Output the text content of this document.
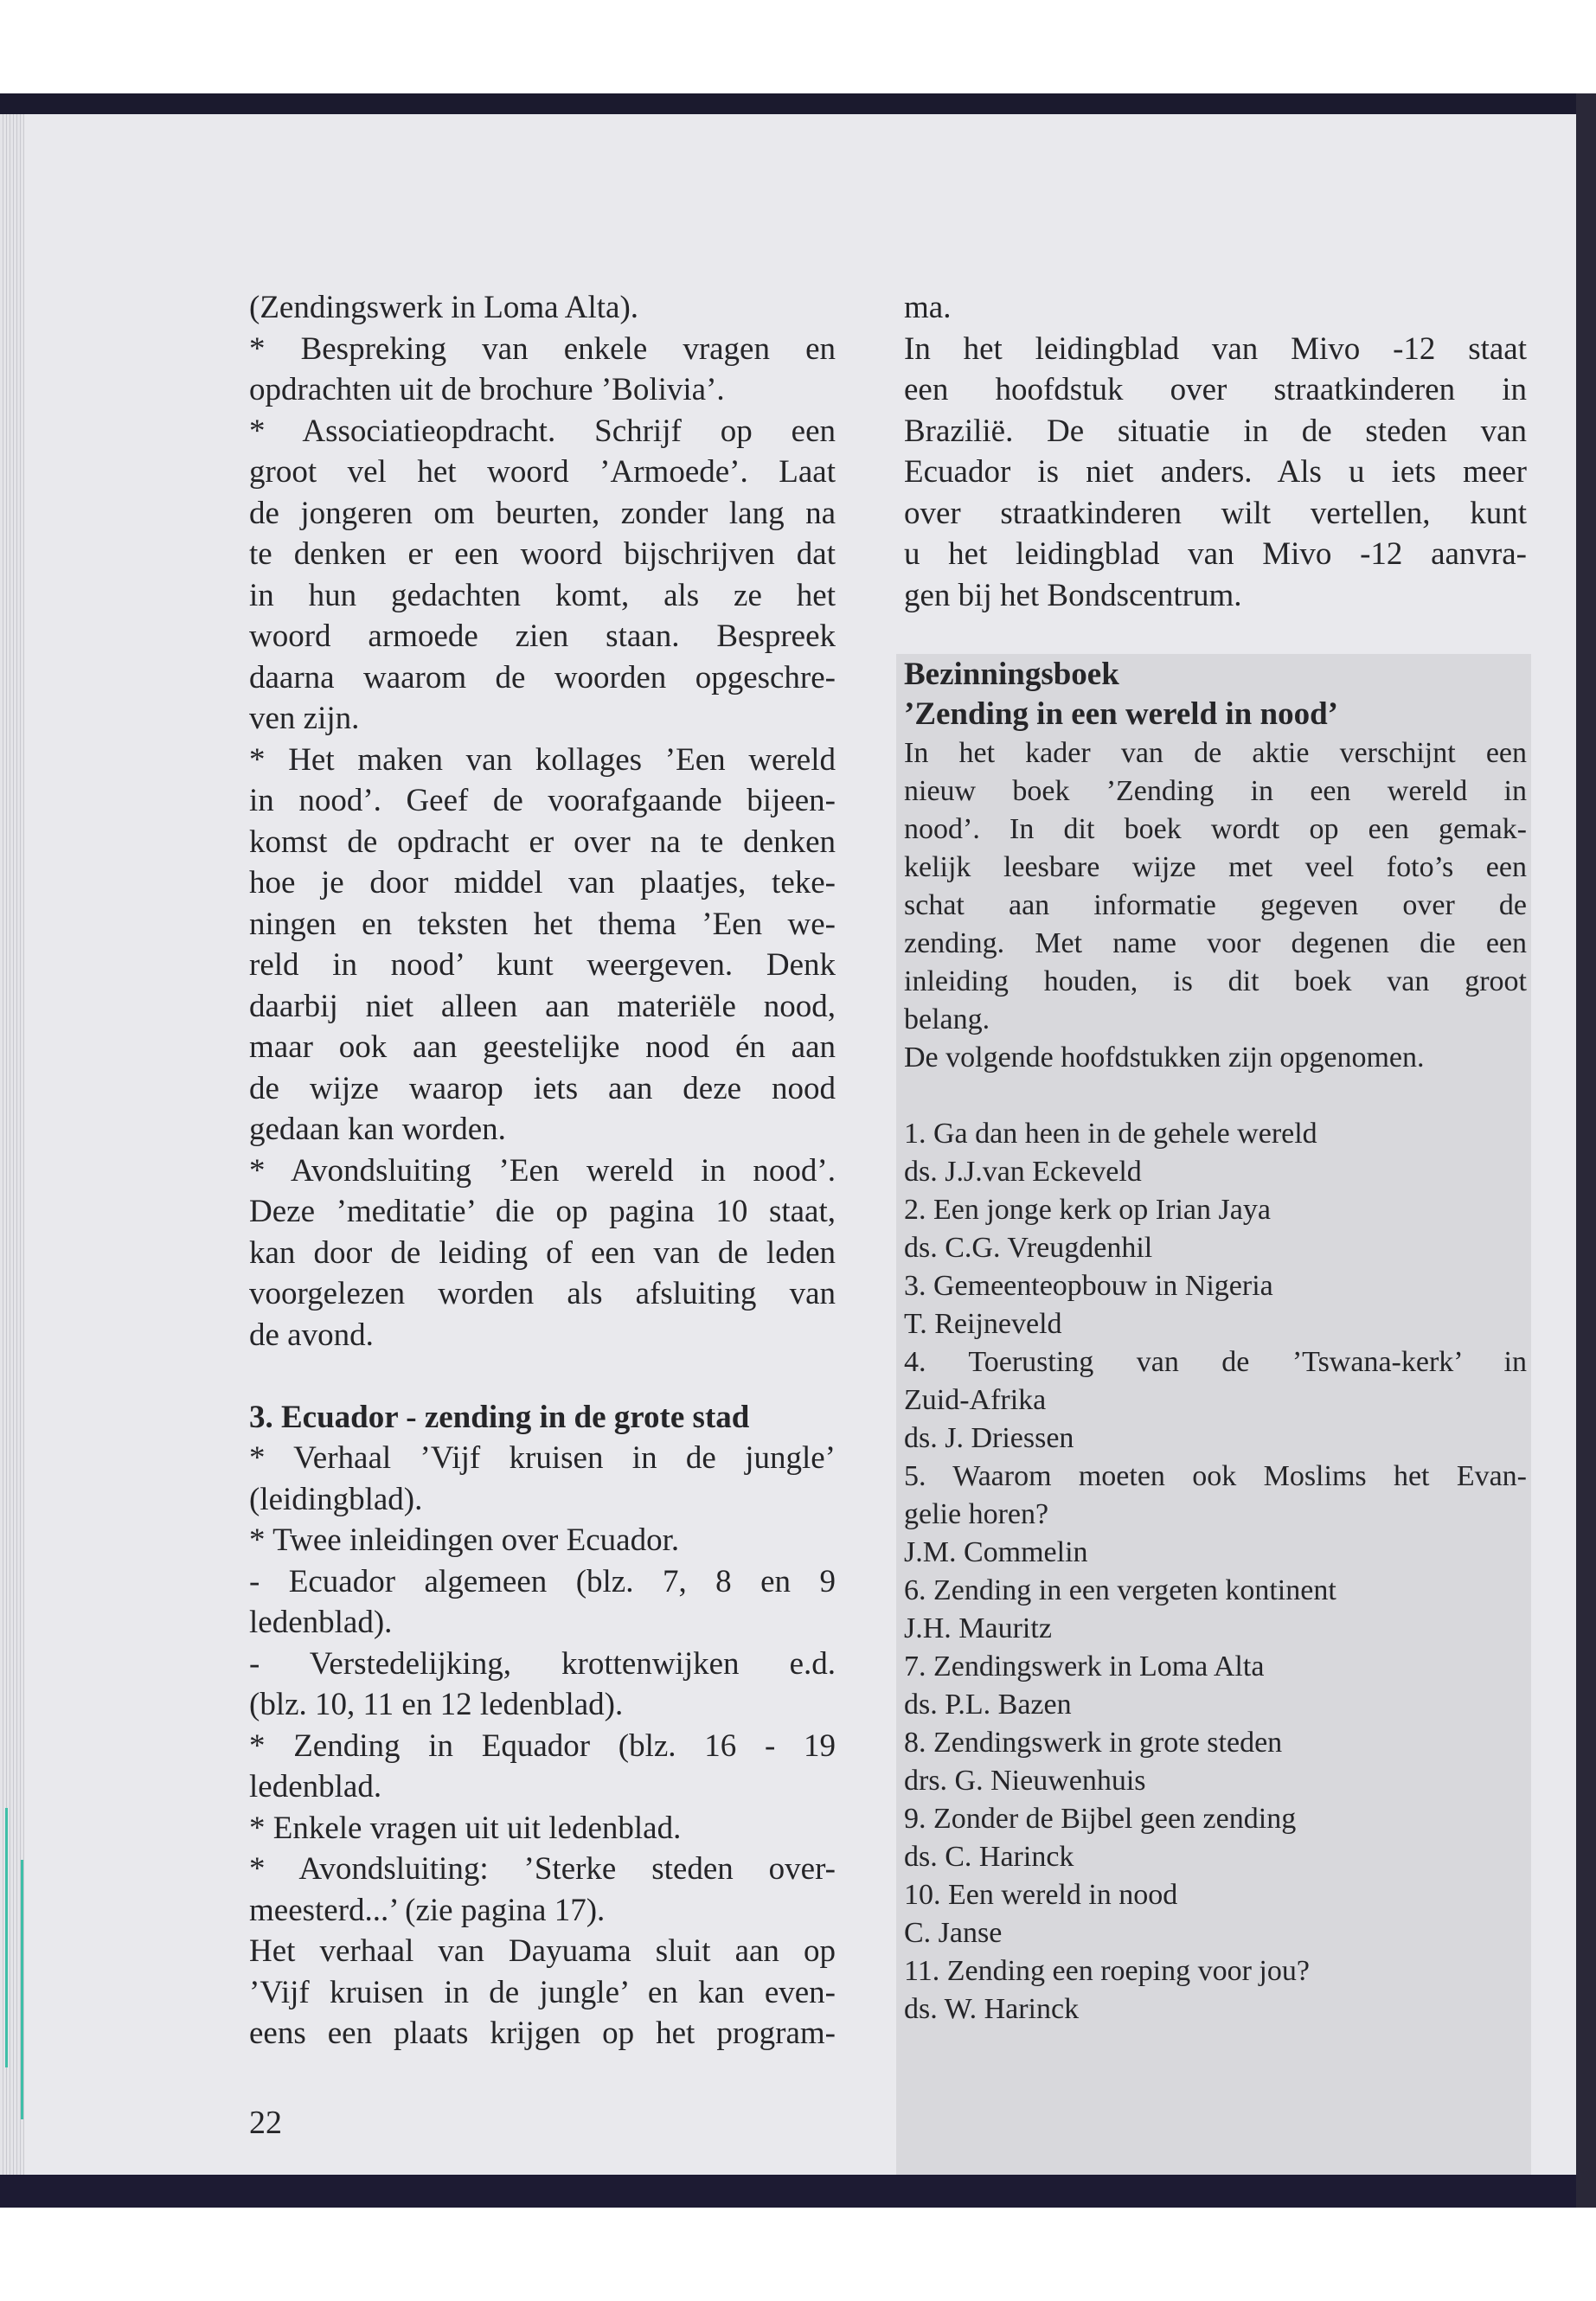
(Zendingswerk in Loma Alta).
* Bespreking van enkele vragen en
opdrachten uit de brochure ’Bolivia’.
* Associatieopdracht. Schrijf op een
groot vel het woord ’Armoede’. Laat
de jongeren om beurten, zonder lang na
te denken er een woord bijschrijven dat
in hun gedachten komt, als ze het
woord armoede zien staan. Bespreek
daarna waarom de woorden opgeschre-
ven zijn.
* Het maken van kollages ’Een wereld
in nood’. Geef de voorafgaande bijeen-
komst de opdracht er over na te denken
hoe je door middel van plaatjes, teke-
ningen en teksten het thema ’Een we-
reld in nood’ kunt weergeven. Denk
daarbij niet alleen aan materiële nood,
maar ook aan geestelijke nood én aan
de wijze waarop iets aan deze nood
gedaan kan worden.
* Avondsluiting ’Een wereld in nood’.
Deze ’meditatie’ die op pagina 10 staat,
kan door de leiding of een van de leden
voorgelezen worden als afsluiting van
de avond.
3. Ecuador - zending in de grote stad
* Verhaal ’Vijf kruisen in de jungle’
(leidingblad).
* Twee inleidingen over Ecuador.
- Ecuador algemeen (blz. 7, 8 en 9
ledenblad).
- Verstedelijking, krottenwijken e.d.
(blz. 10, 11 en 12 ledenblad).
* Zending in Equador (blz. 16 - 19
ledenblad.
* Enkele vragen uit uit ledenblad.
* Avondsluiting: ’Sterke steden over-
meesterd...’ (zie pagina 17).
Het verhaal van Dayuama sluit aan op
’Vijf kruisen in de jungle’ en kan even-
eens een plaats krijgen op het program-
ma.
In het leidingblad van Mivo -12 staat
een hoofdstuk over straatkinderen in
Brazilië. De situatie in de steden van
Ecuador is niet anders. Als u iets meer
over straatkinderen wilt vertellen, kunt
u het leidingblad van Mivo -12 aanvra-
gen bij het Bondscentrum.
Bezinningsboek
’Zending in een wereld in nood’
In het kader van de aktie verschijnt een
nieuw boek ’Zending in een wereld in
nood’. In dit boek wordt op een gemak-
kelijk leesbare wijze met veel foto’s een
schat aan informatie gegeven over de
zending. Met name voor degenen die een
inleiding houden, is dit boek van groot
belang.
De volgende hoofdstukken zijn opgenomen.
1. Ga dan heen in de gehele wereld
ds. J.J.van Eckeveld
2. Een jonge kerk op Irian Jaya
ds. C.G. Vreugdenhil
3. Gemeenteopbouw in Nigeria
T. Reijneveld
4. Toerusting van de ’Tswana-kerk’ in
Zuid-Afrika
ds. J. Driessen
5. Waarom moeten ook Moslims het Evan-
gelie horen?
J.M. Commelin
6. Zending in een vergeten kontinent
J.H. Mauritz
7. Zendingswerk in Loma Alta
ds. P.L. Bazen
8. Zendingswerk in grote steden
drs. G. Nieuwenhuis
9. Zonder de Bijbel geen zending
ds. C. Harinck
10. Een wereld in nood
C. Janse
11. Zending een roeping voor jou?
ds. W. Harinck
22
